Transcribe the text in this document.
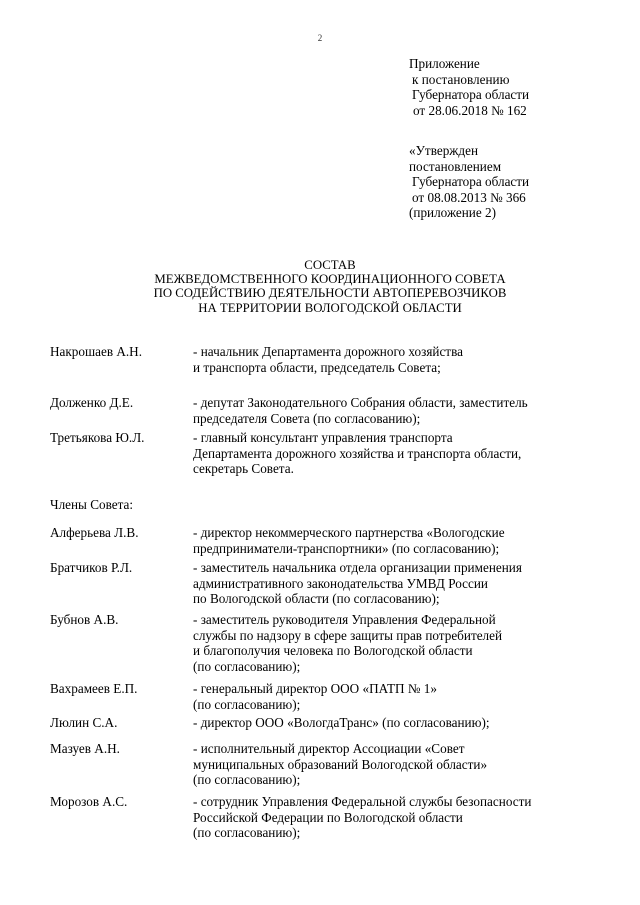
2
Приложение
к постановлению
Губернатора области
от 28.06.2018 № 162
«Утвержден
постановлением
Губернатора области
от 08.08.2013 № 366
(приложение 2)
СОСТАВ
МЕЖВЕДОМСТВЕННОГО КООРДИНАЦИОННОГО СОВЕТА
ПО СОДЕЙСТВИЮ ДЕЯТЕЛЬНОСТИ АВТОПЕРЕВОЗЧИКОВ
НА ТЕРРИТОРИИ ВОЛОГОДСКОЙ ОБЛАСТИ
Накрошаев А.Н.	- начальник Департамента дорожного хозяйства
и транспорта области, председатель Совета;
Долженко Д.Е.	- депутат Законодательного Собрания области, заместитель
председателя Совета (по согласованию);
Третьякова Ю.Л.	- главный консультант управления транспорта
Департамента дорожного хозяйства и транспорта области,
секретарь Совета.
Члены Совета:
Алферьева Л.В.	- директор некоммерческого партнерства «Вологодские
предприниматели-транспортники» (по согласованию);
Братчиков Р.Л.	- заместитель начальника отдела организации применения
административного законодательства УМВД России
по Вологодской области (по согласованию);
Бубнов А.В.	- заместитель руководителя Управления Федеральной
службы по надзору в сфере защиты прав потребителей
и благополучия человека по Вологодской области
(по согласованию);
Вахрамеев Е.П.	- генеральный директор ООО «ПАТП № 1»
(по согласованию);
Люлин С.А.	- директор ООО «ВологдаТранс» (по согласованию);
Мазуев А.Н.	- исполнительный директор Ассоциации «Совет
муниципальных образований Вологодской области»
(по согласованию);
Морозов А.С.	- сотрудник Управления Федеральной службы безопасности
Российской Федерации по Вологодской области
(по согласованию);
